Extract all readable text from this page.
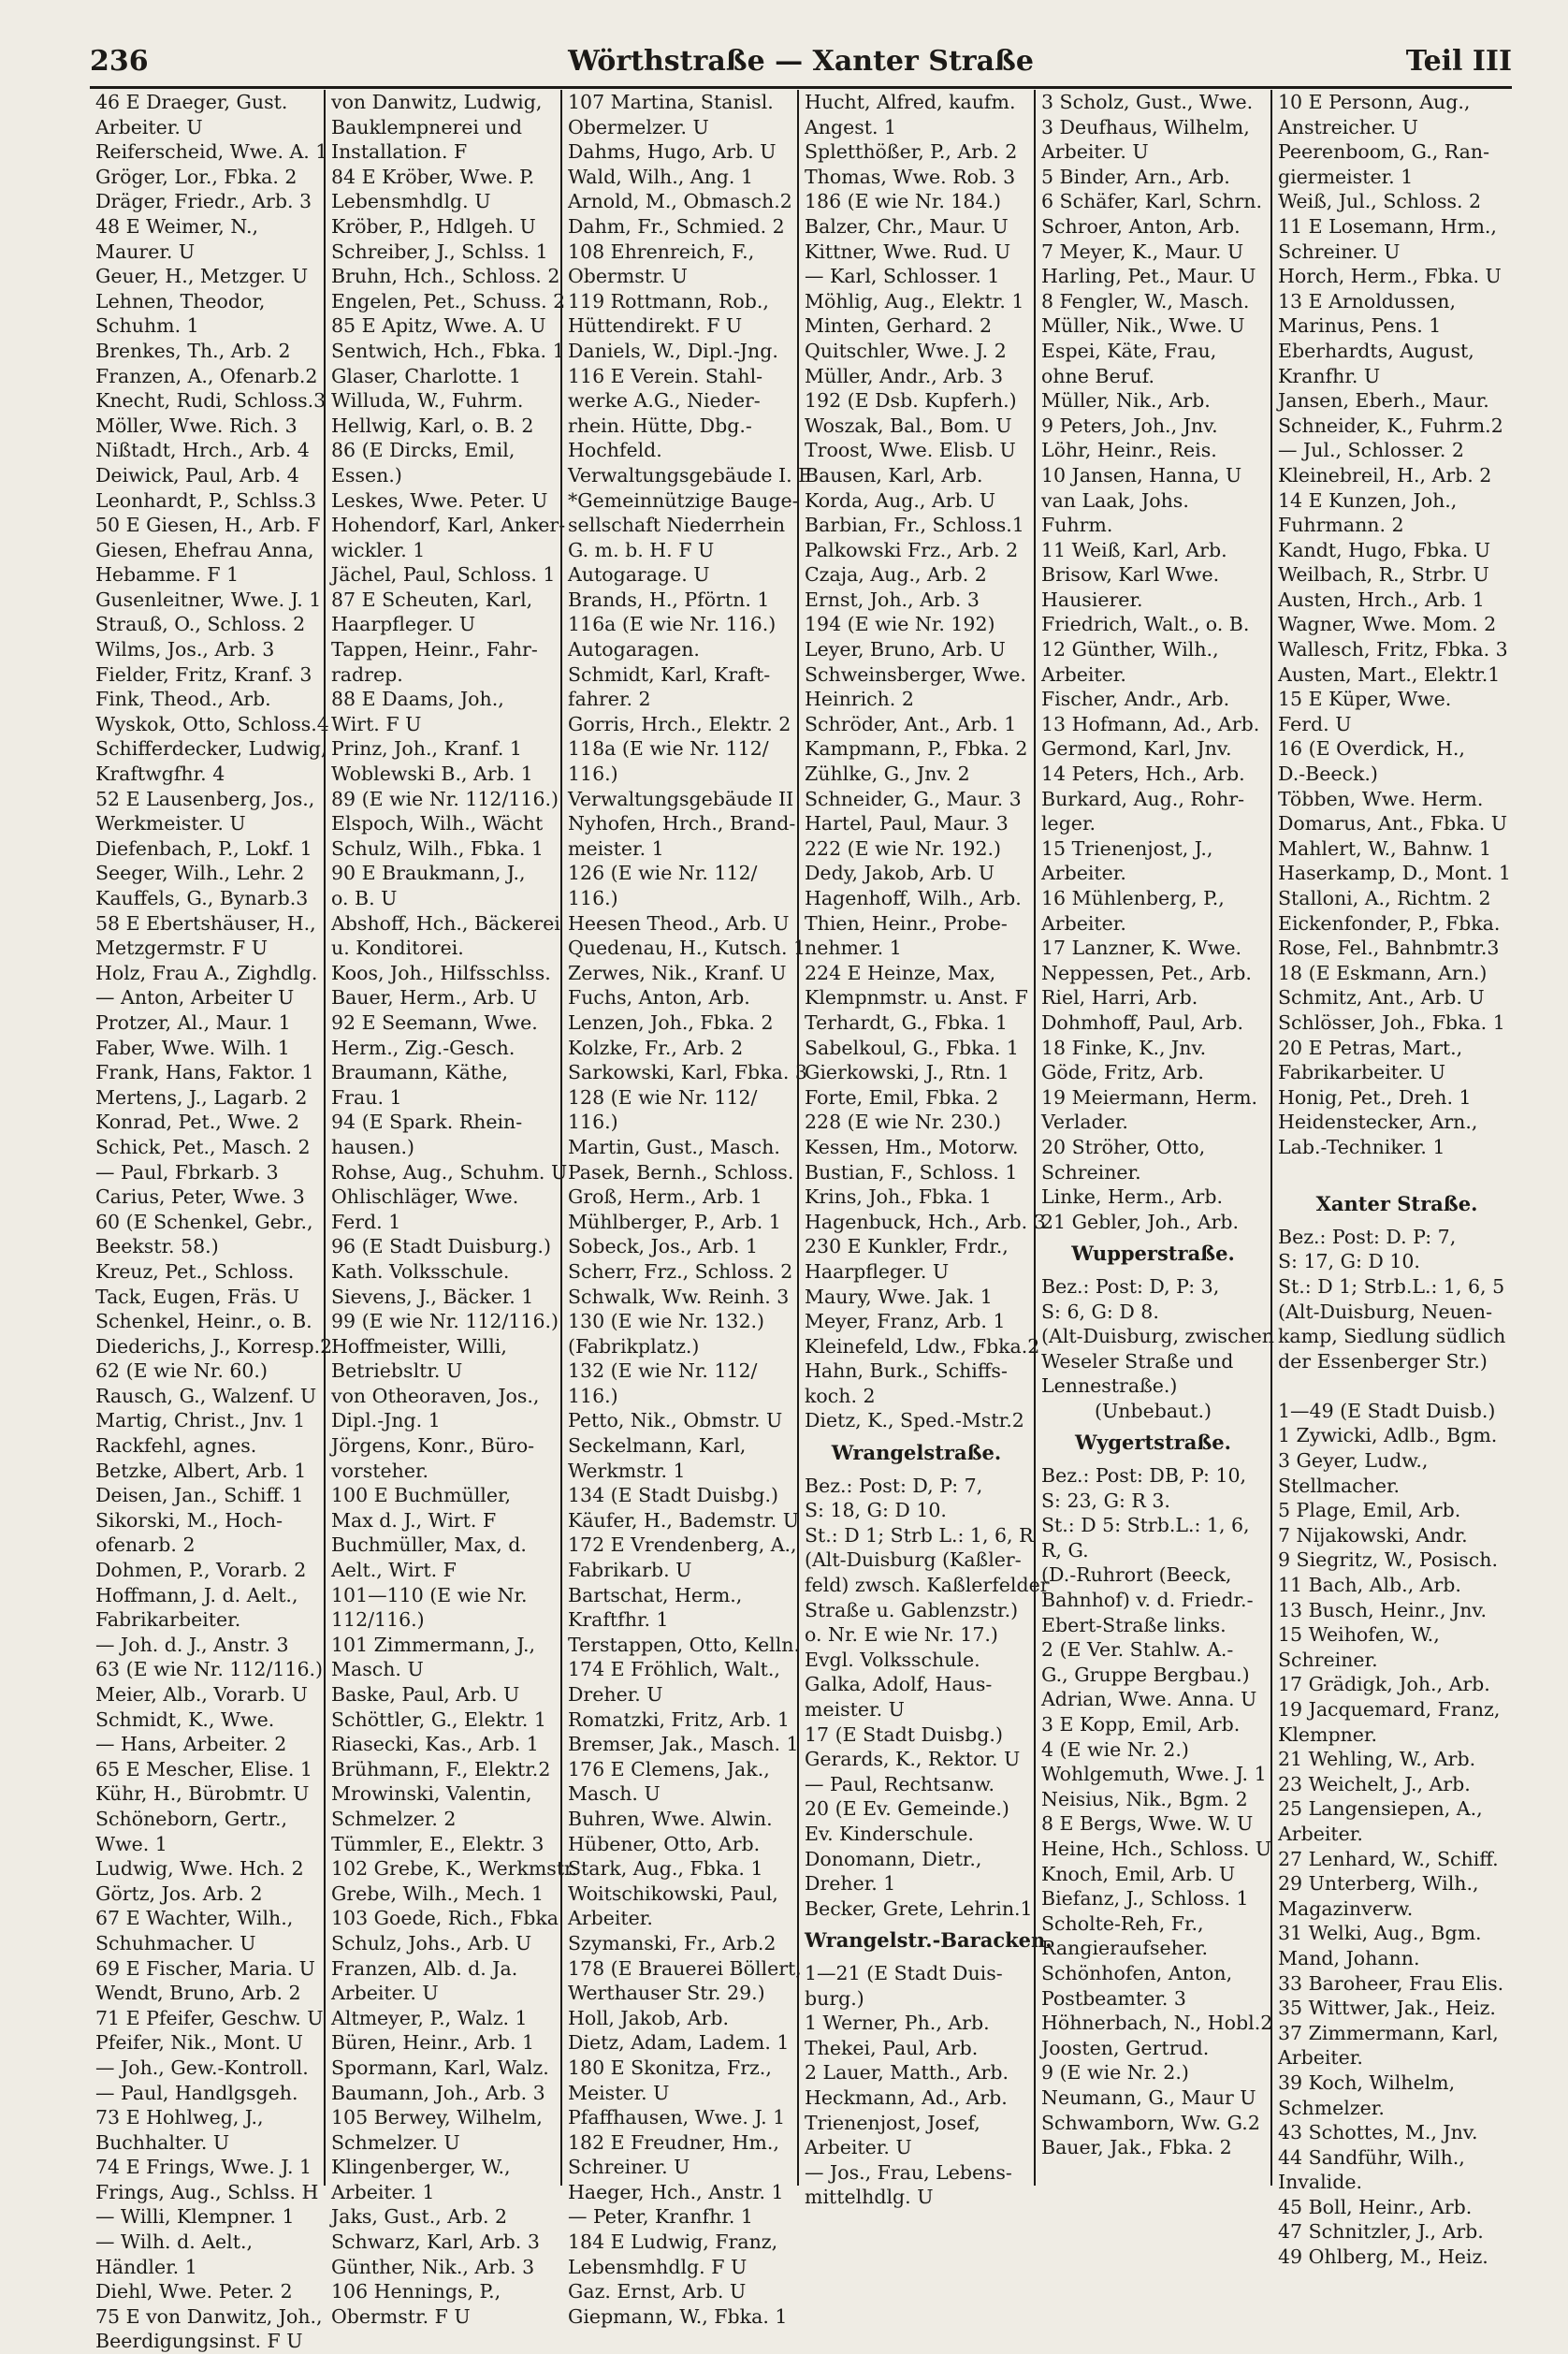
236	Wörthstraße — Xanter Straße	Teil III
46 E Draeger, Gust.
Arbeiter. U
Reiferscheid, Wwe. A. 1
Gröger, Lor., Fbka. 2
Dräger, Friedr., Arb. 3
48 E Weimer, N.,
Maurer. U
Geuer, H., Metzger. U
Lehnen, Theodor,
Schuhm. 1
Brenkes, Th., Arb. 2
Franzen, A., Ofenarb.2
Knecht, Rudi, Schloss.3
Möller, Wwe. Rich. 3
Nißtadt, Hrch., Arb. 4
Deiwick, Paul, Arb. 4
Leonhardt, P., Schlss.3
50 E Giesen, H., Arb. F
Giesen, Ehefrau Anna,
Hebamme. F 1
Gusenleitner, Wwe. J. 1
Strauß, O., Schloss. 2
Wilms, Jos., Arb. 3
Fielder, Fritz, Kranf. 3
Fink, Theod., Arb.
Wyskok, Otto, Schloss.4
Schifferdecker, Ludwig,
Kraftwgfhr. 4
52 E Lausenberg, Jos.,
Werkmeister. U
Diefenbach, P., Lokf. 1
Seeger, Wilh., Lehr. 2
Kauffels, G., Bynarb.3
58 E Ebertshäuser, H.,
Metzgermstr. F U
Holz, Frau A., Zighdlg.
— Anton, Arbeiter U
Protzer, Al., Maur. 1
Faber, Wwe. Wilh. 1
Frank, Hans, Faktor. 1
Mertens, J., Lagarb. 2
Konrad, Pet., Wwe. 2
Schick, Pet., Masch. 2
— Paul, Fbrkarb. 3
Carius, Peter, Wwe. 3
60 (E Schenkel, Gebr.,
Beekstr. 58.)
Kreuz, Pet., Schloss.
Tack, Eugen, Fräs. U
Schenkel, Heinr., o. B.
Diederichs, J., Korresp.2
62 (E wie Nr. 60.)
Rausch, G., Walzenf. U
Martig, Christ., Jnv. 1
Rackfehl, agnes.
Betzke, Albert, Arb. 1
Deisen, Jan., Schiff. 1
Sikorski, M., Hoch-
ofenarb. 2
Dohmen, P., Vorarb. 2
Hoffmann, J. d. Aelt.,
Fabrikarbeiter.
— Joh. d. J., Anstr. 3
63 (E wie Nr. 112/116.)
Meier, Alb., Vorarb. U
Schmidt, K., Wwe.
— Hans, Arbeiter. 2
65 E Mescher, Elise. 1
Kühr, H., Bürobmtr. U
Schöneborn, Gertr.,
Wwe. 1
Ludwig, Wwe. Hch. 2
Görtz, Jos. Arb. 2
67 E Wachter, Wilh.,
Schuhmacher. U
69 E Fischer, Maria. U
Wendt, Bruno, Arb. 2
71 E Pfeifer, Geschw. U
Pfeifer, Nik., Mont. U
— Joh., Gew.-Kontroll.
— Paul, Handlgsgeh.
73 E Hohlweg, J.,
Buchhalter. U
74 E Frings, Wwe. J. 1
Frings, Aug., Schlss. H
— Willi, Klempner. 1
— Wilh. d. Aelt.,
Händler. 1
Diehl, Wwe. Peter. 2
75 E von Danwitz, Joh.,
Beerdigungsinst. F U
von Danwitz, Ludwig,
Bauklempnerei und
Installation. F
84 E Kröber, Wwe. P.
Lebensmhdlg. U
Kröber, P., Hdlgeh. U
Schreiber, J., Schlss. 1
Bruhn, Hch., Schloss. 2
Engelen, Pet., Schuss. 2
85 E Apitz, Wwe. A. U
Sentwich, Hch., Fbka. 1
Glaser, Charlotte. 1
Willuda, W., Fuhrm.
Hellwig, Karl, o. B. 2
86 (E Dircks, Emil,
Essen.)
Leskes, Wwe. Peter. U
Hohendorf, Karl, Anker-
wickler. 1
Jächel, Paul, Schloss. 1
87 E Scheuten, Karl,
Haarpfleger. U
Tappen, Heinr., Fahr-
radrep.
88 E Daams, Joh.,
Wirt. F U
Prinz, Joh., Kranf. 1
Woblewski B., Arb. 1
89 (E wie Nr. 112/116.)
Elspoch, Wilh., Wächt
Schulz, Wilh., Fbka. 1
90 E Braukmann, J.,
o. B. U
Abshoff, Hch., Bäckerei
u. Konditorei.
Koos, Joh., Hilfsschlss.
Bauer, Herm., Arb. U
92 E Seemann, Wwe.
Herm., Zig.-Gesch.
Braumann, Käthe,
Frau. 1
94 (E Spark. Rhein-
hausen.)
Rohse, Aug., Schuhm. U
Ohlischläger, Wwe.
Ferd. 1
96 (E Stadt Duisburg.)
Kath. Volksschule.
Sievens, J., Bäcker. 1
99 (E wie Nr. 112/116.)
Hoffmeister, Willi,
Betriebsltr. U
von Otheoraven, Jos.,
Dipl.-Jng. 1
Jörgens, Konr., Büro-
vorsteher.
100 E Buchmüller,
Max d. J., Wirt. F
Buchmüller, Max, d.
Aelt., Wirt. F
101—110 (E wie Nr.
112/116.)
101 Zimmermann, J.,
Masch. U
Baske, Paul, Arb. U
Schöttler, G., Elektr. 1
Riasecki, Kas., Arb. 1
Brühmann, F., Elektr.2
Mrowinski, Valentin,
Schmelzer. 2
Tümmler, E., Elektr. 3
102 Grebe, K., Werkmstr.
Grebe, Wilh., Mech. 1
103 Goede, Rich., Fbka
Schulz, Johs., Arb. U
Franzen, Alb. d. Ja.
Arbeiter. U
Altmeyer, P., Walz. 1
Büren, Heinr., Arb. 1
Spormann, Karl, Walz.
Baumann, Joh., Arb. 3
105 Berwey, Wilhelm,
Schmelzer. U
Klingenberger, W.,
Arbeiter. 1
Jaks, Gust., Arb. 2
Schwarz, Karl, Arb. 3
Günther, Nik., Arb. 3
106 Hennings, P.,
Obermstr. F U
107 Martina, Stanisl.
Obermelzer. U
Dahms, Hugo, Arb. U
Wald, Wilh., Ang. 1
Arnold, M., Obmasch.2
Dahm, Fr., Schmied. 2
108 Ehrenreich, F.,
Obermstr. U
119 Rottmann, Rob.,
Hüttendirekt. F U
Daniels, W., Dipl.-Jng.
116 E Verein. Stahl-
werke A.G., Nieder-
rhein. Hütte, Dbg.-
Hochfeld.
Verwaltungsgebäude I. F
*Gemeinnützige Bauge-
sellschaft Niederrhein
G. m. b. H. F U
Autogarage. U
Brands, H., Pförtn. 1
116a (E wie Nr. 116.)
Autogaragen.
Schmidt, Karl, Kraft-
fahrer. 2
Gorris, Hrch., Elektr. 2
118a (E wie Nr. 112/
116.)
Verwaltungsgebäude II
Nyhofen, Hrch., Brand-
meister. 1
126 (E wie Nr. 112/
116.)
Heesen Theod., Arb. U
Quedenau, H., Kutsch. 1
Zerwes, Nik., Kranf. U
Fuchs, Anton, Arb.
Lenzen, Joh., Fbka. 2
Kolzke, Fr., Arb. 2
Sarkowski, Karl, Fbka. 3
128 (E wie Nr. 112/
116.)
Martin, Gust., Masch.
Pasek, Bernh., Schloss.
Groß, Herm., Arb. 1
Mühlberger, P., Arb. 1
Sobeck, Jos., Arb. 1
Scherr, Frz., Schloss. 2
Schwalk, Ww. Reinh. 3
130 (E wie Nr. 132.)
(Fabrikplatz.)
132 (E wie Nr. 112/
116.)
Petto, Nik., Obmstr. U
Seckelmann, Karl,
Werkmstr. 1
134 (E Stadt Duisbg.)
Käufer, H., Bademstr. U
172 E Vrendenberg, A.,
Fabrikarb. U
Bartschat, Herm.,
Kraftfhr. 1
Terstappen, Otto, Kelln.
174 E Fröhlich, Walt.,
Dreher. U
Romatzki, Fritz, Arb. 1
Bremser, Jak., Masch. 1
176 E Clemens, Jak.,
Masch. U
Buhren, Wwe. Alwin.
Hübener, Otto, Arb.
Stark, Aug., Fbka. 1
Woitschikowski, Paul,
Arbeiter.
Szymanski, Fr., Arb.2
178 (E Brauerei Böllert,
Werthauser Str. 29.)
Holl, Jakob, Arb.
Dietz, Adam, Ladem. 1
180 E Skonitza, Frz.,
Meister. U
Pfaffhausen, Wwe. J. 1
182 E Freudner, Hm.,
Schreiner. U
Haeger, Hch., Anstr. 1
— Peter, Kranfhr. 1
184 E Ludwig, Franz,
Lebensmhdlg. F U
Gaz. Ernst, Arb. U
Giepmann, W., Fbka. 1
Hucht, Alfred, kaufm.
Angest. 1
Spletthößer, P., Arb. 2
Thomas, Wwe. Rob. 3
186 (E wie Nr. 184.)
Balzer, Chr., Maur. U
Kittner, Wwe. Rud. U
— Karl, Schlosser. 1
Möhlig, Aug., Elektr. 1
Minten, Gerhard. 2
Quitschler, Wwe. J. 2
Müller, Andr., Arb. 3
192 (E Dsb. Kupferh.)
Woszak, Bal., Bom. U
Troost, Wwe. Elisb. U
Bausen, Karl, Arb.
Korda, Aug., Arb. U
Barbian, Fr., Schloss.1
Palkowski Frz., Arb. 2
Czaja, Aug., Arb. 2
Ernst, Joh., Arb. 3
194 (E wie Nr. 192)
Leyer, Bruno, Arb. U
Schweinsberger, Wwe.
Heinrich. 2
Schröder, Ant., Arb. 1
Kampmann, P., Fbka. 2
Zühlke, G., Jnv. 2
Schneider, G., Maur. 3
Hartel, Paul, Maur. 3
222 (E wie Nr. 192.)
Dedy, Jakob, Arb. U
Hagenhoff, Wilh., Arb.
Thien, Heinr., Probe-
nehmer. 1
224 E Heinze, Max,
Klempnmstr. u. Anst. F
Terhardt, G., Fbka. 1
Sabelkoul, G., Fbka. 1
Gierkowski, J., Rtn. 1
Forte, Emil, Fbka. 2
228 (E wie Nr. 230.)
Kessen, Hm., Motorw.
Bustian, F., Schloss. 1
Krins, Joh., Fbka. 1
Hagenbuck, Hch., Arb. 3
230 E Kunkler, Frdr.,
Haarpfleger. U
Maury, Wwe. Jak. 1
Meyer, Franz, Arb. 1
Kleinefeld, Ldw., Fbka.2
Hahn, Burk., Schiffs-
koch. 2
Dietz, K., Sped.-Mstr.2
Wrangelstraße.
Bez.: Post: D, P: 7,
S: 18, G: D 10.
St.: D 1; Strb L.: 1, 6, R
(Alt-Duisburg (Kaßler-
feld) zwsch. Kaßlerfelder
Straße u. Gablenzstr.)
o. Nr. E wie Nr. 17.)
Evgl. Volksschule.
Galka, Adolf, Haus-
meister. U
17 (E Stadt Duisbg.)
Gerards, K., Rektor. U
— Paul, Rechtsanw.
20 (E Ev. Gemeinde.)
Ev. Kinderschule.
Donomann, Dietr.,
Dreher. 1
Becker, Grete, Lehrin.1
Wrangelstr.-Baracken.
1—21 (E Stadt Duis-
burg.)
1 Werner, Ph., Arb.
Thekei, Paul, Arb.
2 Lauer, Matth., Arb.
Heckmann, Ad., Arb.
Trienenjost, Josef,
Arbeiter. U
— Jos., Frau, Lebens-
mittelhdlg. U
3 Scholz, Gust., Wwe.
3 Deufhaus, Wilhelm,
Arbeiter. U
5 Binder, Arn., Arb.
6 Schäfer, Karl, Schrn.
Schroer, Anton, Arb.
7 Meyer, K., Maur. U
Harling, Pet., Maur. U
8 Fengler, W., Masch.
Müller, Nik., Wwe. U
Espei, Käte, Frau,
ohne Beruf.
Müller, Nik., Arb.
9 Peters, Joh., Jnv.
Löhr, Heinr., Reis.
10 Jansen, Hanna, U
van Laak, Johs.
Fuhrm.
11 Weiß, Karl, Arb.
Brisow, Karl Wwe.
Hausierer.
Friedrich, Walt., o. B.
12 Günther, Wilh.,
Arbeiter.
Fischer, Andr., Arb.
13 Hofmann, Ad., Arb.
Germond, Karl, Jnv.
14 Peters, Hch., Arb.
Burkard, Aug., Rohr-
leger.
15 Trienenjost, J.,
Arbeiter.
16 Mühlenberg, P.,
Arbeiter.
17 Lanzner, K. Wwe.
Neppessen, Pet., Arb.
Riel, Harri, Arb.
Dohmhoff, Paul, Arb.
18 Finke, K., Jnv.
Göde, Fritz, Arb.
19 Meiermann, Herm.
Verlader.
20 Ströher, Otto,
Schreiner.
Linke, Herm., Arb.
21 Gebler, Joh., Arb.
Wupperstraße.
Bez.: Post: D, P: 3,
S: 6, G: D 8.
(Alt-Duisburg, zwischen
Weseler Straße und
Lennestraße.)
(Unbebaut.)
Wygertstraße.
Bez.: Post: DB, P: 10,
S: 23, G: R 3.
St.: D 5: Strb.L.: 1, 6,
R, G.
(D.-Ruhrort (Beeck,
Bahnhof) v. d. Friedr.-
Ebert-Straße links.
2 (E Ver. Stahlw. A.-
G., Gruppe Bergbau.)
Adrian, Wwe. Anna. U
3 E Kopp, Emil, Arb.
4 (E wie Nr. 2.)
Wohlgemuth, Wwe. J. 1
Neisius, Nik., Bgm. 2
8 E Bergs, Wwe. W. U
Heine, Hch., Schloss. U
Knoch, Emil, Arb. U
Biefanz, J., Schloss. 1
Scholte-Reh, Fr.,
Rangieraufseher.
Schönhofen, Anton,
Postbeamter. 3
Höhnerbach, N., Hobl.2
Joosten, Gertrud.
9 (E wie Nr. 2.)
Neumann, G., Maur U
Schwamborn, Ww. G.2
Bauer, Jak., Fbka. 2
10 E Personn, Aug.,
Anstreicher. U
Peerenboom, G., Ran-
giermeister. 1
Weiß, Jul., Schloss. 2
11 E Losemann, Hrm.,
Schreiner. U
Horch, Herm., Fbka. U
13 E Arnoldussen,
Marinus, Pens. 1
Eberhardts, August,
Kranfhr. U
Jansen, Eberh., Maur.
Schneider, K., Fuhrm.2
— Jul., Schlosser. 2
Kleinebreil, H., Arb. 2
14 E Kunzen, Joh.,
Fuhrmann. 2
Kandt, Hugo, Fbka. U
Weilbach, R., Strbr. U
Austen, Hrch., Arb. 1
Wagner, Wwe. Mom. 2
Wallesch, Fritz, Fbka. 3
Austen, Mart., Elektr.1
15 E Küper, Wwe.
Ferd. U
16 (E Overdick, H.,
D.-Beeck.)
Többen, Wwe. Herm.
Domarus, Ant., Fbka. U
Mahlert, W., Bahnw. 1
Haserkamp, D., Mont. 1
Stalloni, A., Richtm. 2
Eickenfonder, P., Fbka.
Rose, Fel., Bahnbmtr.3
18 (E Eskmann, Arn.)
Schmitz, Ant., Arb. U
Schlösser, Joh., Fbka. 1
20 E Petras, Mart.,
Fabrikarbeiter. U
Honig, Pet., Dreh. 1
Heidenstecker, Arn.,
Lab.-Techniker. 1
Xanter Straße.
Bez.: Post: D. P: 7,
S: 17, G: D 10.
St.: D 1; Strb.L.: 1, 6, 5
(Alt-Duisburg, Neuen-
kamp, Siedlung südlich
der Essenberger Str.)
1—49 (E Stadt Duisb.)
1 Zywicki, Adlb., Bgm.
3 Geyer, Ludw.,
Stellmacher.
5 Plage, Emil, Arb.
7 Nijakowski, Andr.
9 Siegritz, W., Posisch.
11 Bach, Alb., Arb.
13 Busch, Heinr., Jnv.
15 Weihofen, W.,
Schreiner.
17 Grädigk, Joh., Arb.
19 Jacquemard, Franz,
Klempner.
21 Wehling, W., Arb.
23 Weichelt, J., Arb.
25 Langensiepen, A.,
Arbeiter.
27 Lenhard, W., Schiff.
29 Unterberg, Wilh.,
Magazinverw.
31 Welki, Aug., Bgm.
Mand, Johann.
33 Baroheer, Frau Elis.
35 Wittwer, Jak., Heiz.
37 Zimmermann, Karl,
Arbeiter.
39 Koch, Wilhelm,
Schmelzer.
43 Schottes, M., Jnv.
44 Sandführ, Wilh.,
Invalide.
45 Boll, Heinr., Arb.
47 Schnitzler, J., Arb.
49 Ohlberg, M., Heiz.
